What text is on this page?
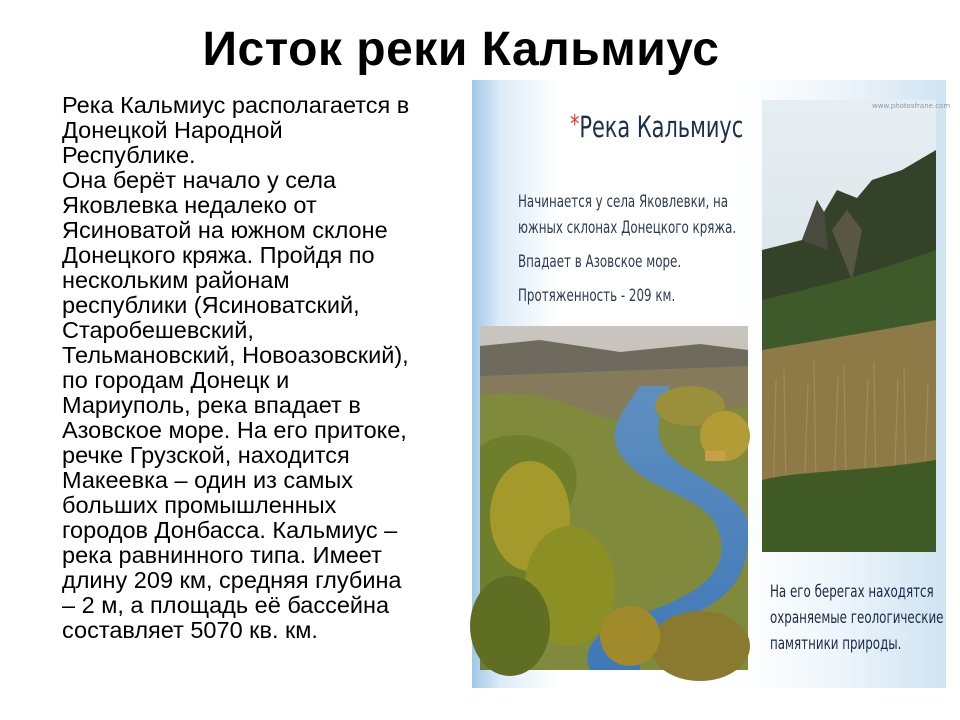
Исток реки Кальмиус
Река Кальмиус располагается в
Донецкой Народной
Республике.
Она берёт начало у села
Яковлевка недалеко от
Ясиноватой на южном склоне
Донецкого кряжа. Пройдя по
нескольким районам
республики (Ясиноватский,
Старобешевский,
Тельмановский, Новоазовский),
по городам Донецк и
Мариуполь, река впадает в
Азовское море. На его притоке,
речке Грузской, находится
Макеевка – один из самых
больших промышленных
городов Донбасса. Кальмиус –
река равнинного типа. Имеет
длину 209 км, средняя глубина
– 2 м, а площадь её бассейна
составляет 5070 кв. км.
*Река Кальмиус
Начинается у села Яковлевки, на
южных склонах Донецкого кряжа.
Впадает в Азовское море.
Протяженность - 209 км.
www.photosfrane.com
На его берегах находятся
охраняемые геологические
памятники природы.
